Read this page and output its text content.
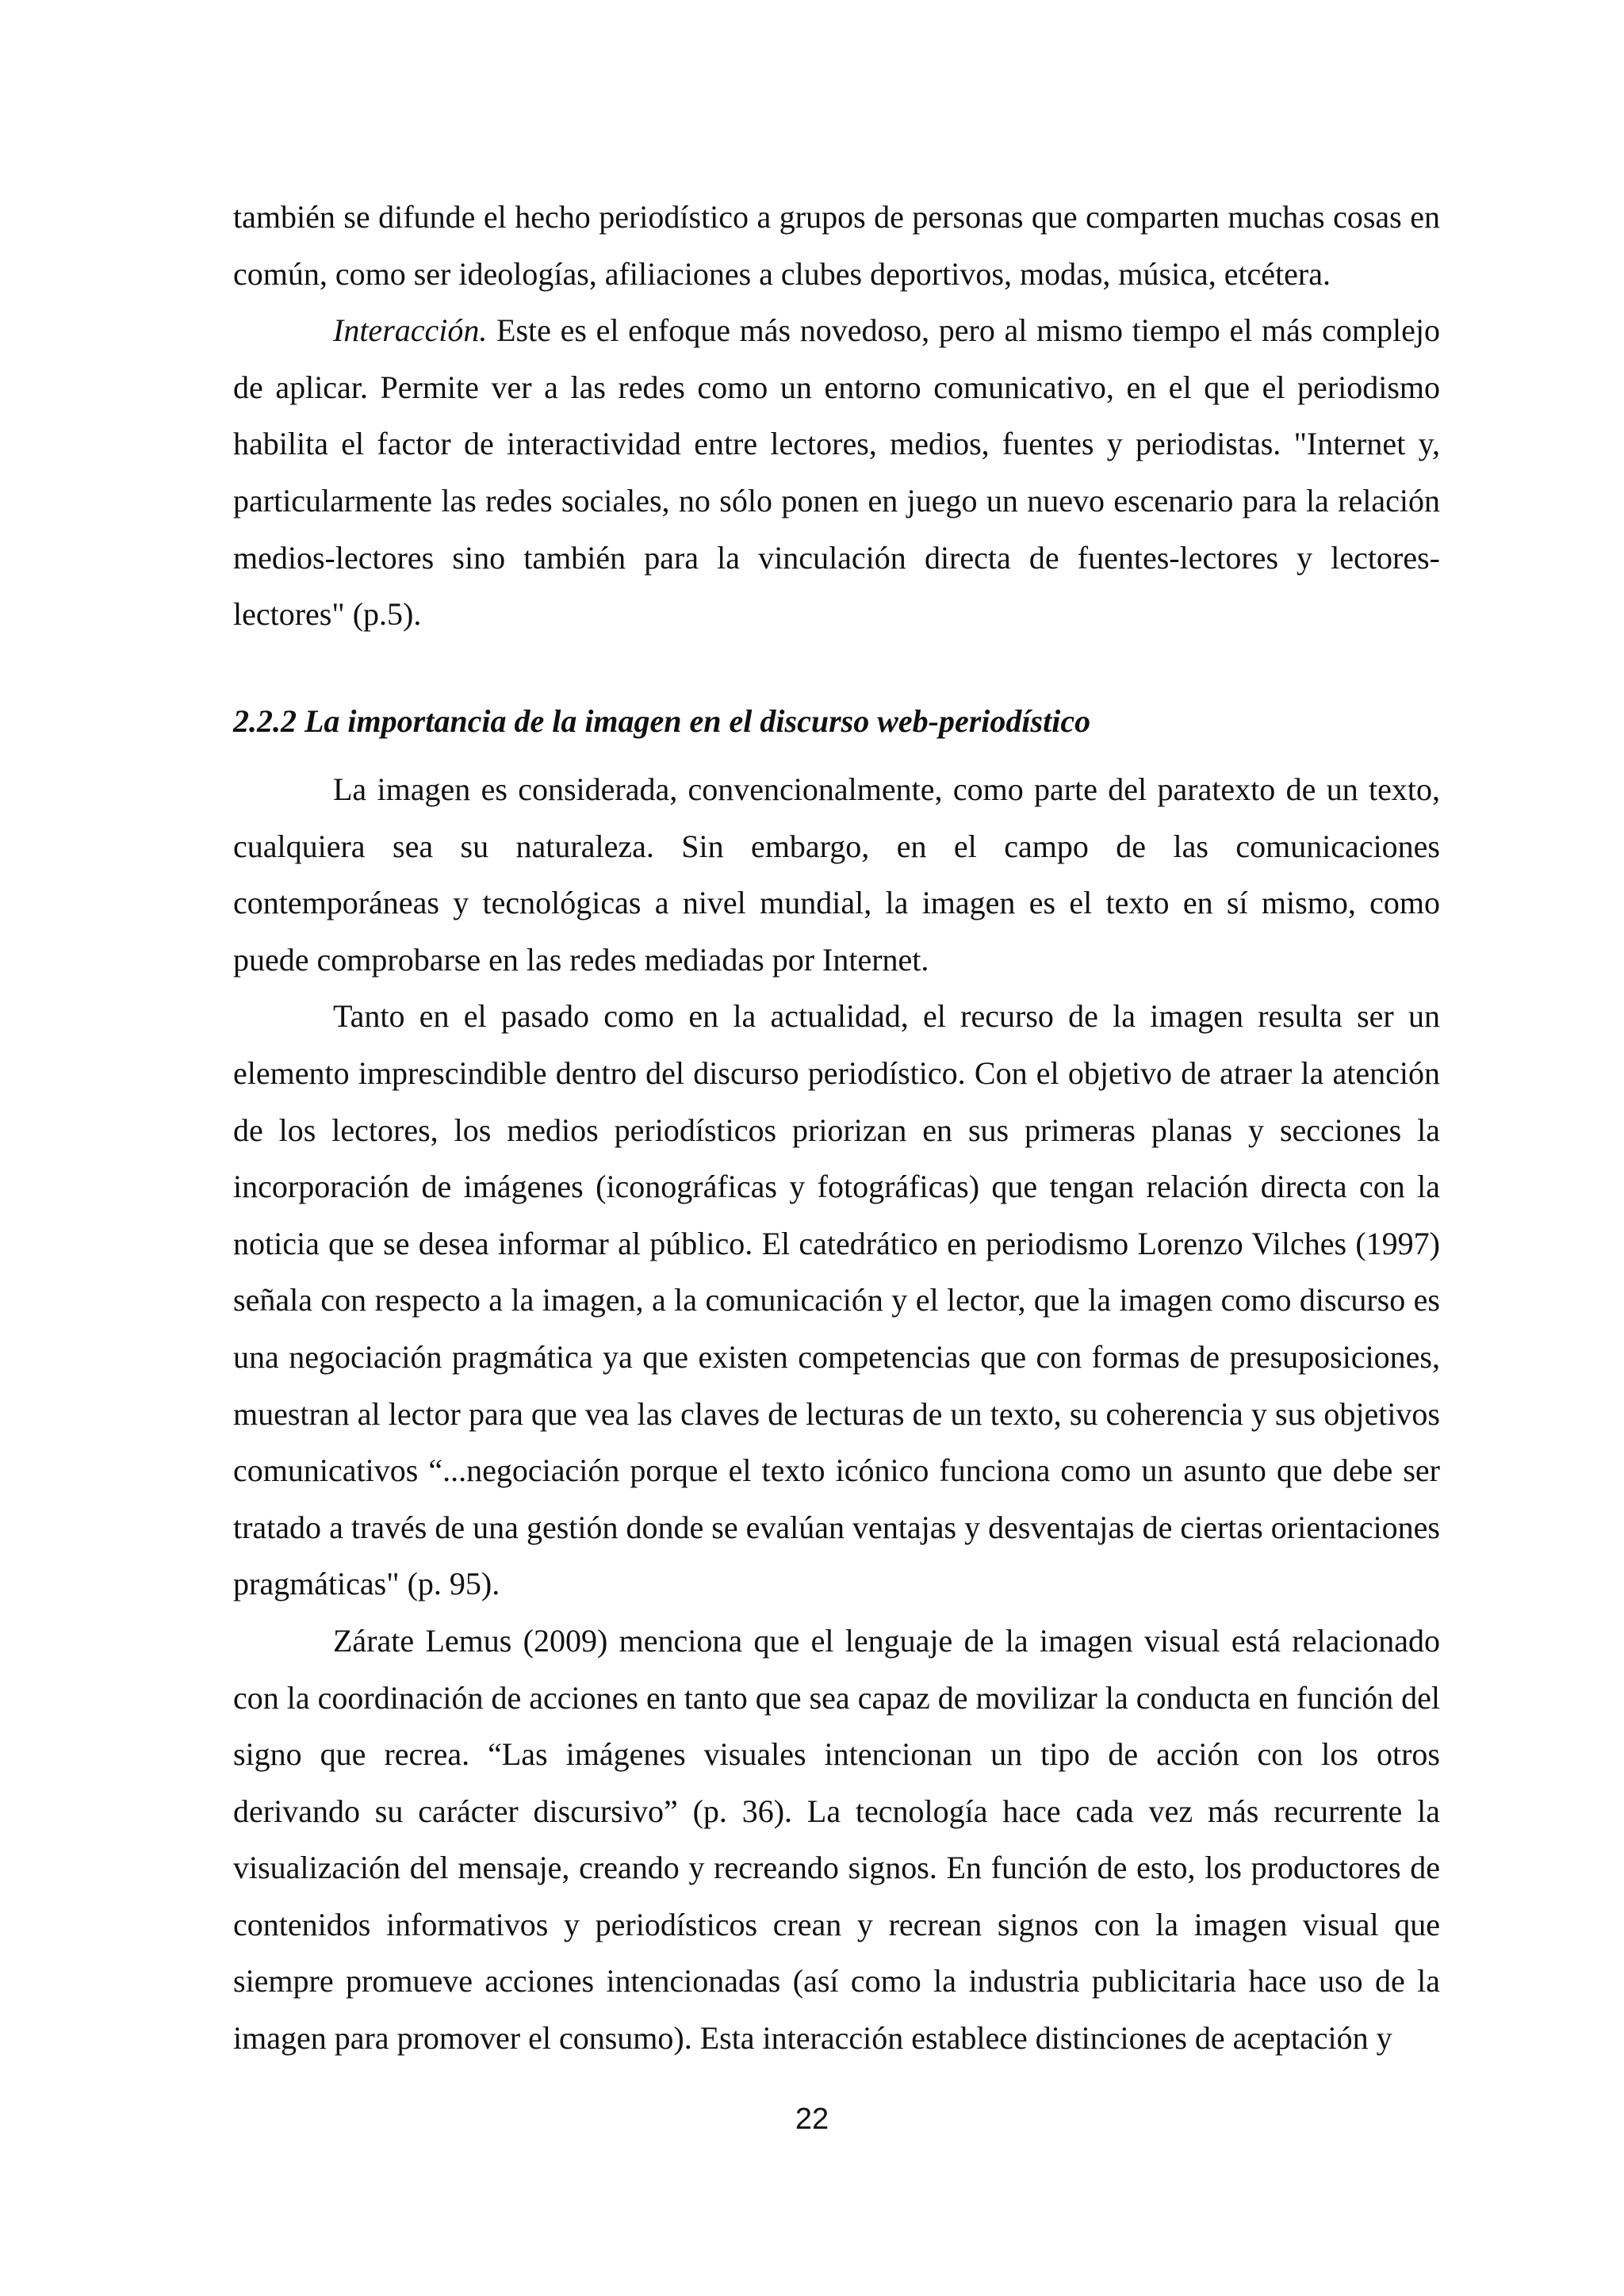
también se difunde el hecho periodístico a grupos de personas que comparten muchas cosas en común, como ser ideologías, afiliaciones a clubes deportivos, modas, música, etcétera.

Interacción. Este es el enfoque más novedoso, pero al mismo tiempo el más complejo de aplicar. Permite ver a las redes como un entorno comunicativo, en el que el periodismo habilita el factor de interactividad entre lectores, medios, fuentes y periodistas. "Internet y, particularmente las redes sociales, no sólo ponen en juego un nuevo escenario para la relación medios-lectores sino también para la vinculación directa de fuentes-lectores y lectores-lectores" (p.5).

2.2.2 La importancia de la imagen en el discurso web-periodístico

La imagen es considerada, convencionalmente, como parte del paratexto de un texto, cualquiera sea su naturaleza. Sin embargo, en el campo de las comunicaciones contemporáneas y tecnológicas a nivel mundial, la imagen es el texto en sí mismo, como puede comprobarse en las redes mediadas por Internet.

Tanto en el pasado como en la actualidad, el recurso de la imagen resulta ser un elemento imprescindible dentro del discurso periodístico. Con el objetivo de atraer la atención de los lectores, los medios periodísticos priorizan en sus primeras planas y secciones la incorporación de imágenes (iconográficas y fotográficas) que tengan relación directa con la noticia que se desea informar al público. El catedrático en periodismo Lorenzo Vilches (1997) señala con respecto a la imagen, a la comunicación y el lector, que la imagen como discurso es una negociación pragmática ya que existen competencias que con formas de presuposiciones, muestran al lector para que vea las claves de lecturas de un texto, su coherencia y sus objetivos comunicativos “...negociación porque el texto icónico funciona como un asunto que debe ser tratado a través de una gestión donde se evalúan ventajas y desventajas de ciertas orientaciones pragmáticas" (p. 95).

Zárate Lemus (2009) menciona que el lenguaje de la imagen visual está relacionado con la coordinación de acciones en tanto que sea capaz de movilizar la conducta en función del signo que recrea. “Las imágenes visuales intencionan un tipo de acción con los otros derivando su carácter discursivo” (p. 36). La tecnología hace cada vez más recurrente la visualización del mensaje, creando y recreando signos. En función de esto, los productores de contenidos informativos y periodísticos crean y recrean signos con la imagen visual que siempre promueve acciones intencionadas (así como la industria publicitaria hace uso de la imagen para promover el consumo). Esta interacción establece distinciones de aceptación y

22
